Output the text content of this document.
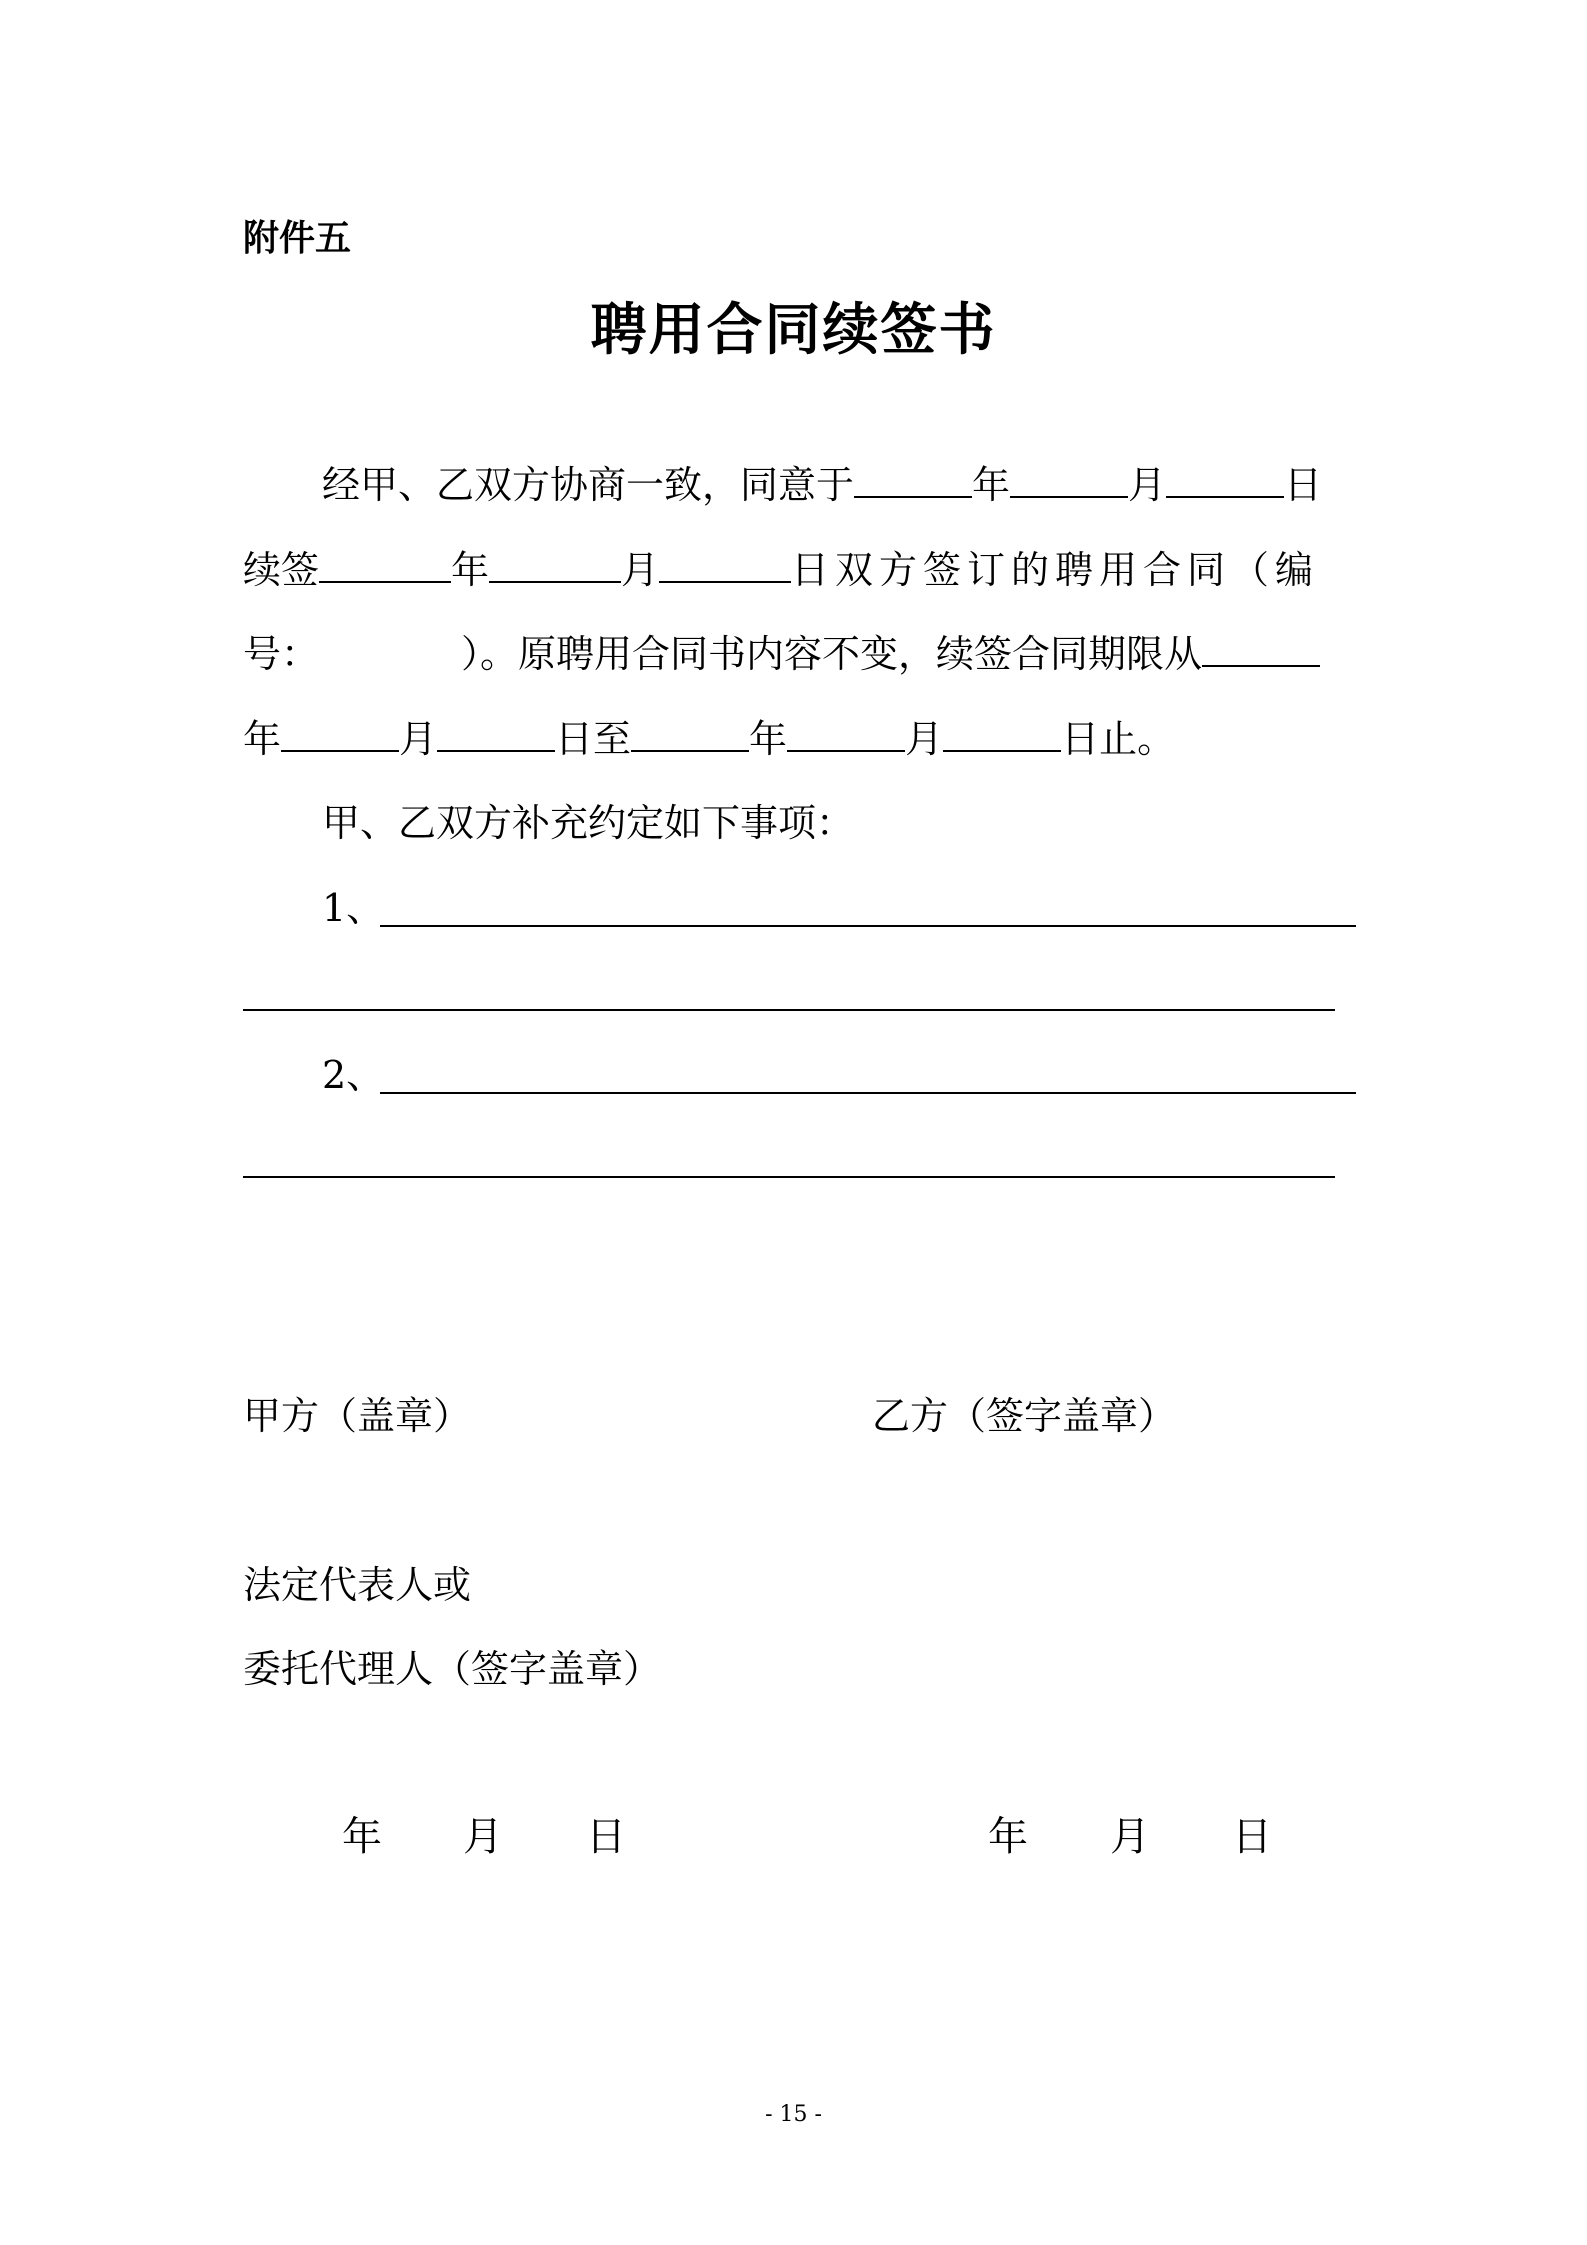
附件五
聘用合同续签书
经甲、乙双方协商一致，同意于	年	月	日
续签	年	月	日双方签订的聘用合同（编
号：	）。原聘用合同书内容不变，续签合同期限从
年	月	日至	年	月	日止。
甲、乙双方补充约定如下事项：
1、
2、
甲方（盖章）	乙方（签字盖章）
法定代表人或
委托代理人（签字盖章）
年 月 日	年 月 日
- 15 -
